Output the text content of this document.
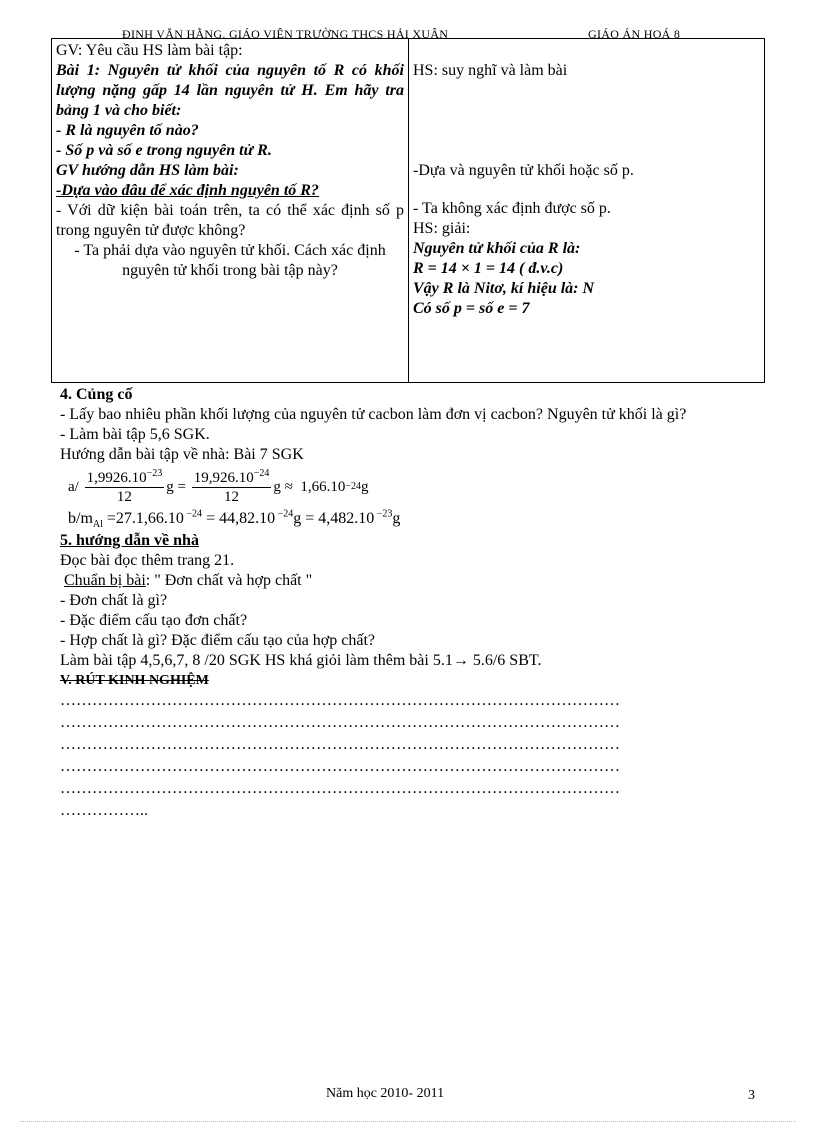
ĐINH VĂN HẰNG. GIÁO VIÊN TRƯỜNG THCS HẢI XUÂN	GIÁO ÁN HOÁ 8
GV: Yêu cầu HS làm bài tập:
Bài 1: Nguyên tử khối của nguyên tố R có khối lượng nặng gấp 14 lần nguyên tử H. Em hãy tra bảng 1 và cho biết:
- R là nguyên tố nào?
- Số p và số e trong nguyên tử R.
GV hướng dẫn HS làm bài:
-Dựa vào đâu để xác định nguyên tố R?
- Với dữ kiện bài toán trên, ta có thể xác định số p trong nguyên tử được không?
- Ta phải dựa vào nguyên tử khối. Cách xác định nguyên tử khối trong bài tập này?

HS: suy nghĩ và làm bài
-Dựa và nguyên tử khối hoặc số p.
- Ta không xác định được số p.
HS: giải:
Nguyên tử khối của R là:
R = 14 × 1 = 14 ( đ.v.c)
Vậy R là Nitơ, kí hiệu là: N
Có số p = số e = 7

4. Củng cố

- Lấy bao nhiêu phần khối lượng của nguyên tử cacbon làm đơn vị cacbon? Nguyên tử khối là gì?

- Làm bài tập 5,6 SGK.

Hướng dẫn bài tập về nhà: Bài 7 SGK

a/
$\frac{1,9926.10^{-23}}{12}$ g =
$\frac{19,926.10^{-24}}{12}$ g ≈
1,66.10 −24 g

$b/m_{Al} =27.1,66.10$ $^{-24}$ = 44,82.10 $^{-24}$g = 4,482.10 $^{-23}$g

5. hướng dẫn về nhà

Đọc bài đọc thêm trang 21.

Chuẩn bị bài: " Đơn chất và hợp chất "

- Đơn chất là gì?

- Đặc điểm cấu tạo đơn chất?

- Hợp chất là gì? Đặc điểm cấu tạo của hợp chất?

Làm bài tập 4,5,6,7, 8 /20 SGK HS khá giỏi làm thêm bài 5.1→ 5.6/6 SBT.

V. RÚT KINH NGHIỆM

……………………………………………………………………………………………

……………………………………………………………………………………………

……………………………………………………………………………………………

……………………………………………………………………………………………

……………………………………………………………………………………………

……………..

Năm học 2010- 2011	3
